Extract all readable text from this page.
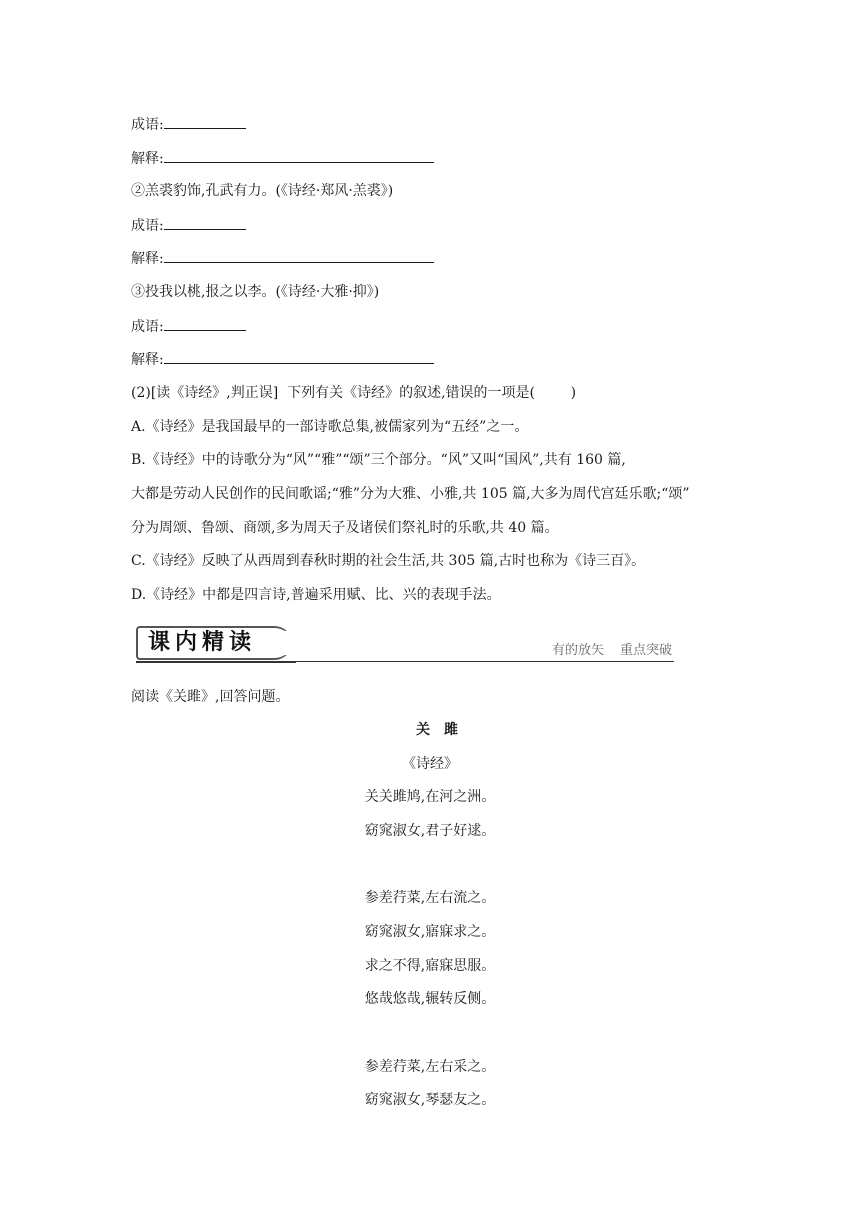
成语:
解释:
②羔裘豹饰,孔武有力。(《诗经·郑风·羔裘》)
成语:
解释:
③投我以桃,报之以李。(《诗经·大雅·抑》)
成语:
解释:
(2)[读《诗经》,判正误]  下列有关《诗经》的叙述,错误的一项是(        )
A.《诗经》是我国最早的一部诗歌总集,被儒家列为“五经”之一。
B.《诗经》中的诗歌分为“风”“雅”“颂”三个部分。“风”又叫“国风”,共有 160 篇,
大都是劳动人民创作的民间歌谣;“雅”分为大雅、小雅,共 105 篇,大多为周代宫廷乐歌;“颂”
分为周颂、鲁颂、商颂,多为周天子及诸侯们祭礼时的乐歌,共 40 篇。
C.《诗经》反映了从西周到春秋时期的社会生活,共 305 篇,古时也称为《诗三百》。
D.《诗经》中都是四言诗,普遍采用赋、比、兴的表现手法。
课内精读	有的放矢 重点突破
阅读《关雎》,回答问题。
关雎
《诗经》
关关雎鸠,在河之洲。
窈窕淑女,君子好逑。
参差荇菜,左右流之。
窈窕淑女,寤寐求之。
求之不得,寤寐思服。
悠哉悠哉,辗转反侧。
参差荇菜,左右采之。
窈窕淑女,琴瑟友之。
